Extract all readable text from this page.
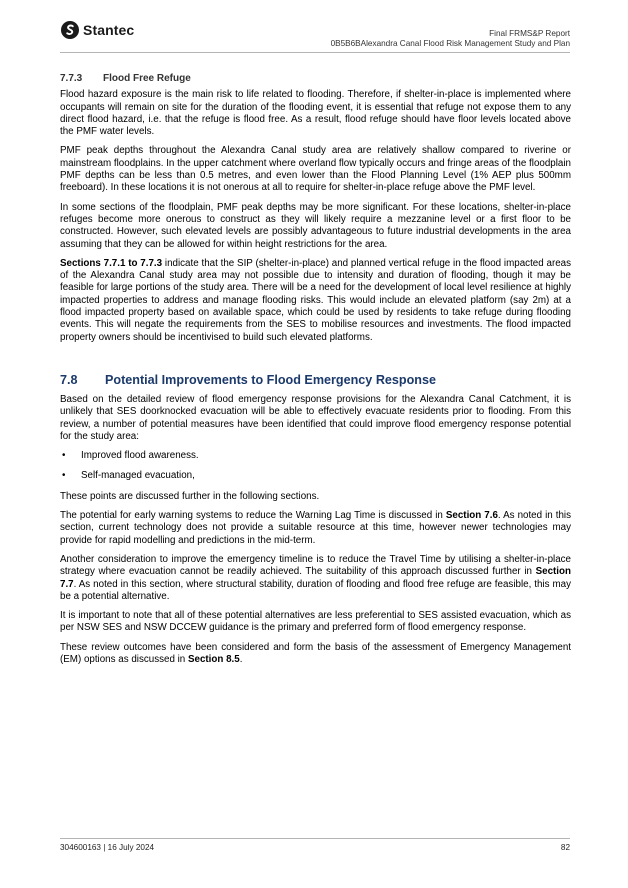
Stantec	Final FRMS&P Report
0B5B6BAlexandra Canal Flood Risk Management Study and Plan
7.7.3	Flood Free Refuge

Flood hazard exposure is the main risk to life related to flooding. Therefore, if shelter-in-place is implemented where occupants will remain on site for the duration of the flooding event, it is essential that refuge not expose them to any direct flood hazard, i.e. that the refuge is flood free. As a result, flood refuge should have floor levels located above the PMF water levels.

PMF peak depths throughout the Alexandra Canal study area are relatively shallow compared to riverine or mainstream floodplains. In the upper catchment where overland flow typically occurs and fringe areas of the floodplain PMF depths can be less than 0.5 metres, and even lower than the Flood Planning Level (1% AEP plus 500mm freeboard). In these locations it is not onerous at all to require for shelter-in-place refuge above the PMF level.

In some sections of the floodplain, PMF peak depths may be more significant. For these locations, shelter-in-place refuges become more onerous to construct as they will likely require a mezzanine level or a first floor to be constructed. However, such elevated levels are possibly advantageous to future industrial developments in the area assuming that they can be allowed for within height restrictions for the area.

Sections 7.7.1 to 7.7.3 indicate that the SIP (shelter-in-place) and planned vertical refuge in the flood impacted areas of the Alexandra Canal study area may not possible due to intensity and duration of flooding, though it may be feasible for large portions of the study area. There will be a need for the development of local level resilience at highly impacted properties to address and manage flooding risks. This would include an elevated platform (say 2m) at a flood impacted property based on available space, which could be used by residents to take refuge during flooding events. This will negate the requirements from the SES to mobilise resources and investments. The flood impacted property owners should be incentivised to build such elevated platforms.

7.8	Potential Improvements to Flood Emergency Response

Based on the detailed review of flood emergency response provisions for the Alexandra Canal Catchment, it is unlikely that SES doorknocked evacuation will be able to effectively evacuate residents prior to flooding. From this review, a number of potential measures have been identified that could improve flood emergency response potential for the study area:

•	Improved flood awareness.
•	Self-managed evacuation,

These points are discussed further in the following sections.

The potential for early warning systems to reduce the Warning Lag Time is discussed in Section 7.6. As noted in this section, current technology does not provide a suitable resource at this time, however newer technologies may provide for rapid modelling and predictions in the mid-term.

Another consideration to improve the emergency timeline is to reduce the Travel Time by utilising a shelter-in-place strategy where evacuation cannot be readily achieved. The suitability of this approach discussed further in Section 7.7. As noted in this section, where structural stability, duration of flooding and flood free refuge are feasible, this may be a potential alternative.

It is important to note that all of these potential alternatives are less preferential to SES assisted evacuation, which as per NSW SES and NSW DCCEW guidance is the primary and preferred form of flood emergency response.

These review outcomes have been considered and form the basis of the assessment of Emergency Management (EM) options as discussed in Section 8.5.

304600163 | 16 July 2024	82
